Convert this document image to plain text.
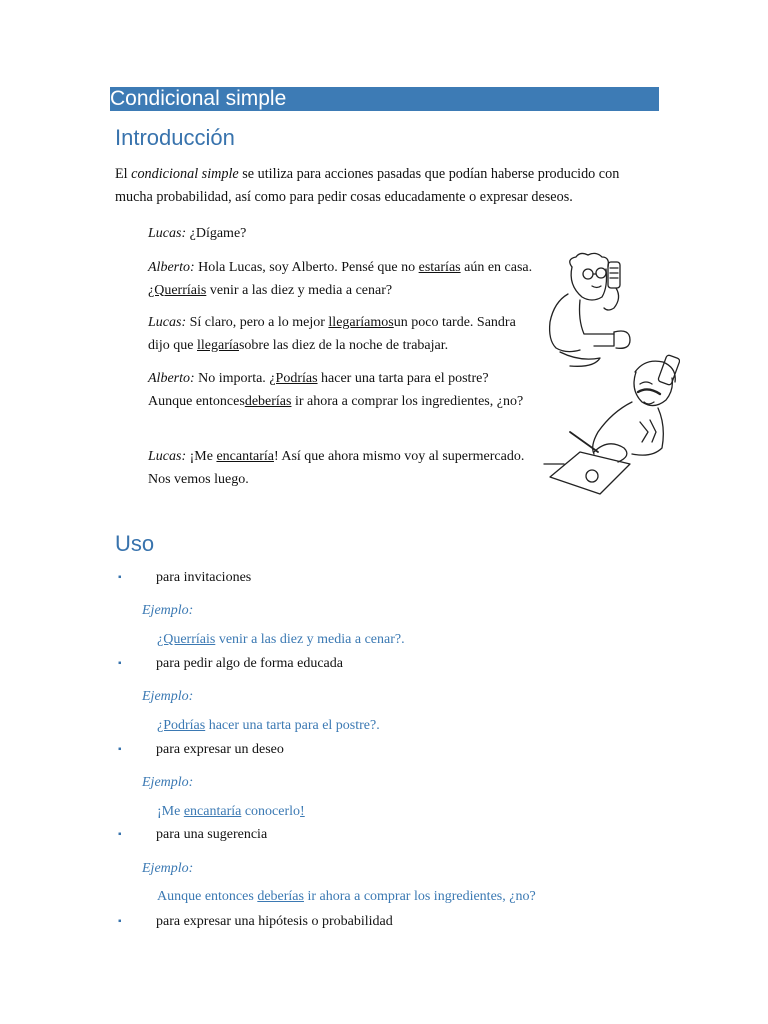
Condicional simple
Introducción
El condicional simple se utiliza para acciones pasadas que podían haberse producido con mucha probabilidad, así como para pedir cosas educadamente o expresar deseos.
Lucas: ¿Dígame?
Alberto: Hola Lucas, soy Alberto. Pensé que no estarías aún en casa. ¿Querríais venir a las diez y media a cenar?
Lucas: Sí claro, pero a lo mejor llegaríamosun poco tarde. Sandra dijo que llegaríasobre las diez de la noche de trabajar.
Alberto: No importa. ¿Podrías hacer una tarta para el postre? Aunque entoncesdeberías ir ahora a comprar los ingredientes, ¿no?
Lucas: ¡Me encantaría! Así que ahora mismo voy al supermercado. Nos vemos luego.
Uso
▪ para invitaciones
Ejemplo:
¿Querríais venir a las diez y media a cenar?.
▪ para pedir algo de forma educada
Ejemplo:
¿Podrías hacer una tarta para el postre?.
▪ para expresar un deseo
Ejemplo:
¡Me encantaría conocerlo!
▪ para una sugerencia
Ejemplo:
Aunque entonces deberías ir ahora a comprar los ingredientes, ¿no?
▪ para expresar una hipótesis o probabilidad
